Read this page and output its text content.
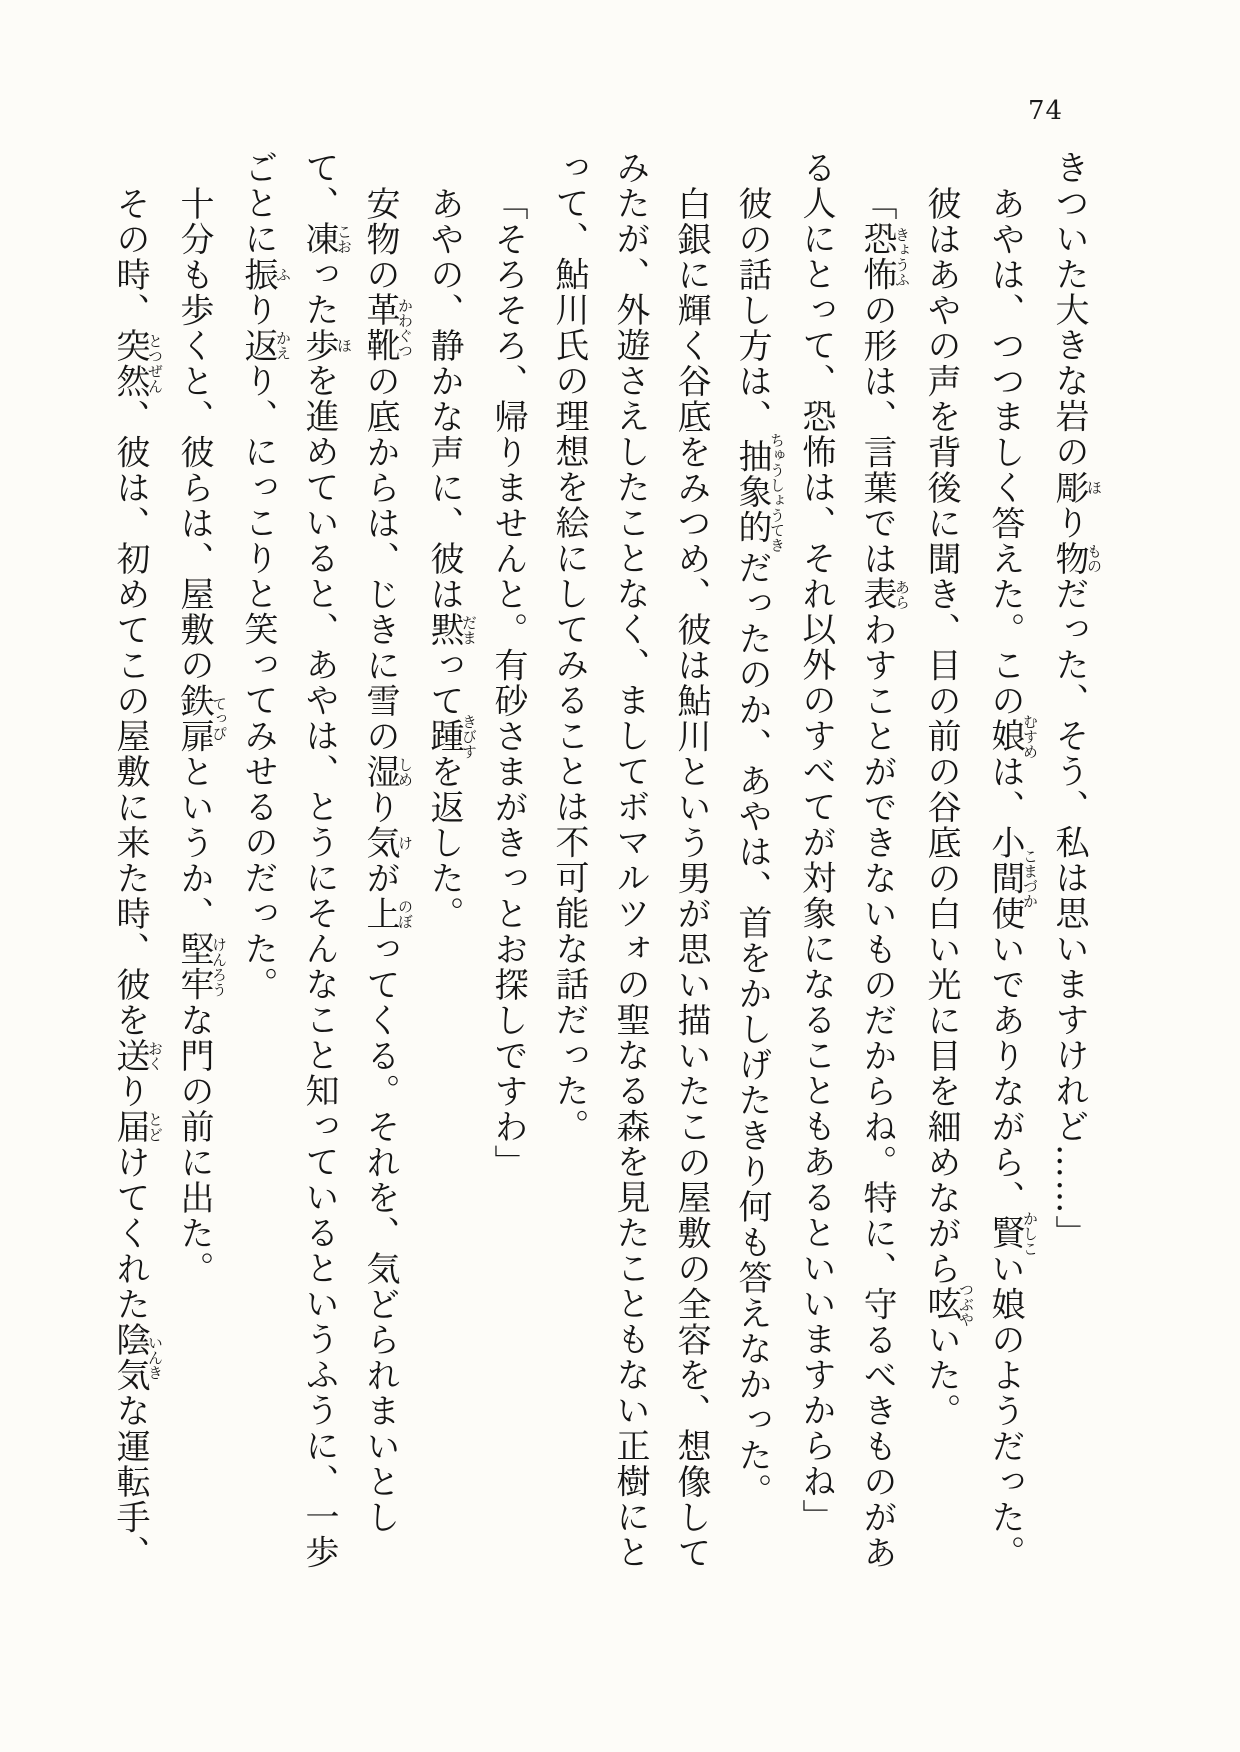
74

きついた大きな岩の彫ほり物ものだった、そう、私は思いますけれど……」

あやは、つつましく答えた。この娘むすめは、小間使こまづかいでありながら、賢かしこい娘のようだった。

彼はあやの声を背後に聞き、目の前の谷底の白い光に目を細めながら呟つぶやいた。

「恐怖きょうふの形は、言葉では表あらわすことができないものだからね。特に、守るべきものがある人にとって、恐怖は、それ以外のすべてが対象になることもあるといいますからね」

彼の話し方は、抽象的ちゅうしょうてきだったのか、あやは、首をかしげたきり何も答えなかった。

白銀に輝く谷底をみつめ、彼は鮎川という男が思い描いたこの屋敷の全容を、想像してみたが、外遊さえしたことなく、ましてボマルツォの聖なる森を見たこともない正樹にとって、鮎川氏の理想を絵にしてみることは不可能な話だった。

「そろそろ、帰りませんと。有砂さまがきっとお探しですわ」

あやの、静かな声に、彼は黙だまって踵きびすを返した。

安物の革靴かわぐつの底からは、じきに雪の湿しめり気けが上のぼってくる。それを、気どられまいとして、凍こおった歩ほを進めていると、あやは、とうにそんなこと知っているというふうに、一歩ごとに振ふり返かえり、にっこりと笑ってみせるのだった。

十分も歩くと、彼らは、屋敷の鉄扉てっぴというか、堅牢けんろうな門の前に出た。

その時、突然とつぜん、彼は、初めてこの屋敷に来た時、彼を送おくり届とどけてくれた陰気いんきな運転手、
